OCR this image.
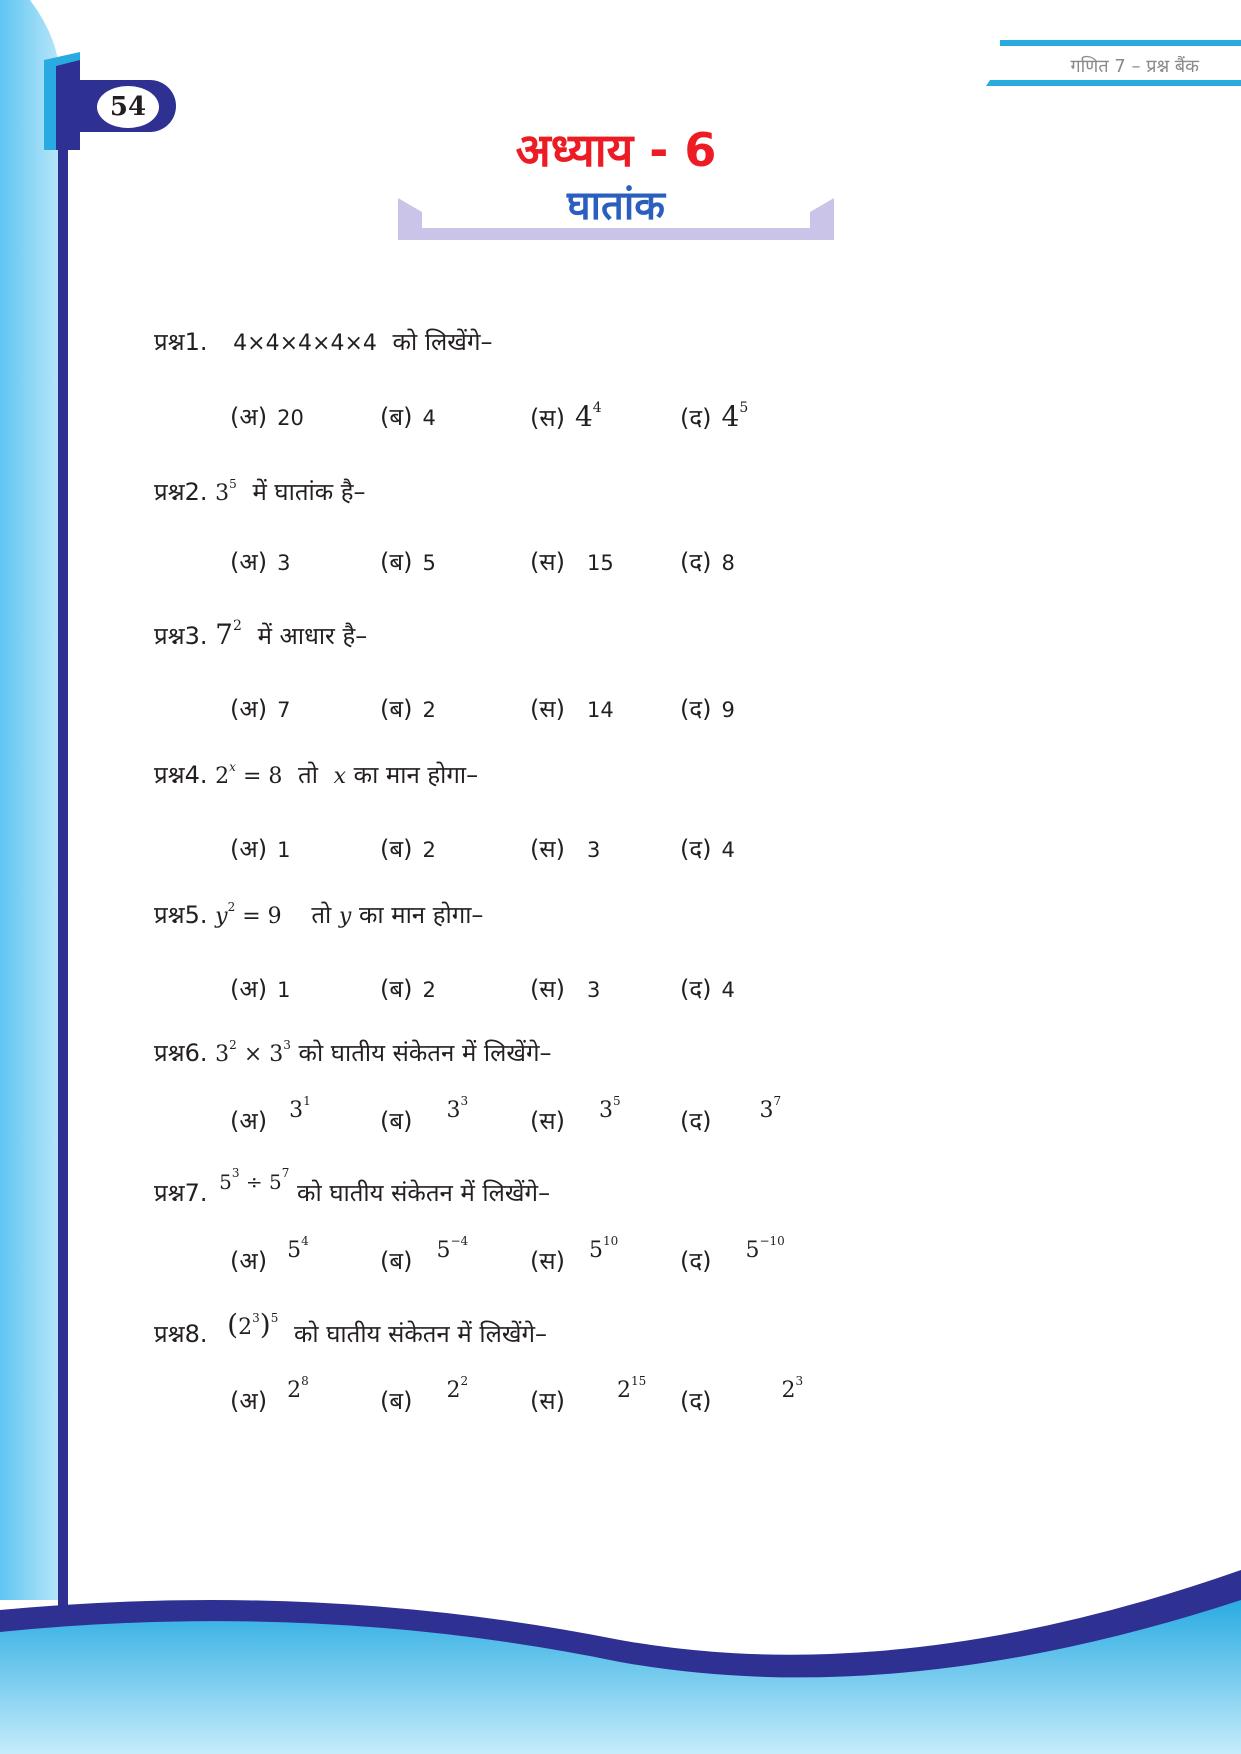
54
गणित 7 – प्रश्न बैंक
अध्याय - 6
घातांक
प्रश्न1. 4×4×4×4×4 को लिखेंगे–
(अ) 20	(ब) 4	(स) $4^4$	(द) $4^5$
प्रश्न2. $3^5$ में घातांक है–
(अ) 3	(ब) 5	(स) 15	(द) 8
प्रश्न3. $7^2$ में आधार है–
(अ) 7	(ब) 2	(स) 14	(द) 9
प्रश्न4. $2^x = 8$ तो x का मान होगा–
(अ) 1	(ब) 2	(स) 3	(द) 4
प्रश्न5. $y^2 = 9$ तो y का मान होगा–
(अ) 1	(ब) 2	(स) 3	(द) 4
प्रश्न6. $3^2 \times 3^3$ को घातीय संकेतन में लिखेंगे–
(अ) $3^1$
(ब) $3^3$
(स) $3^5$
(द) $3^7$
प्रश्न7. $^{5^3 \div 5^7}$ को घातीय संकेतन में लिखेंगे–
(अ) $5^4$
(ब) $5^{-4}$
(स) $5^{10}$
(द) $5^{-10}$
प्रश्न8. $(2^3)^5$ को घातीय संकेतन में लिखेंगे–
(अ) $2^8$
(ब) $2^2$
(स) $2^{15}$
(द)	$2^3$
